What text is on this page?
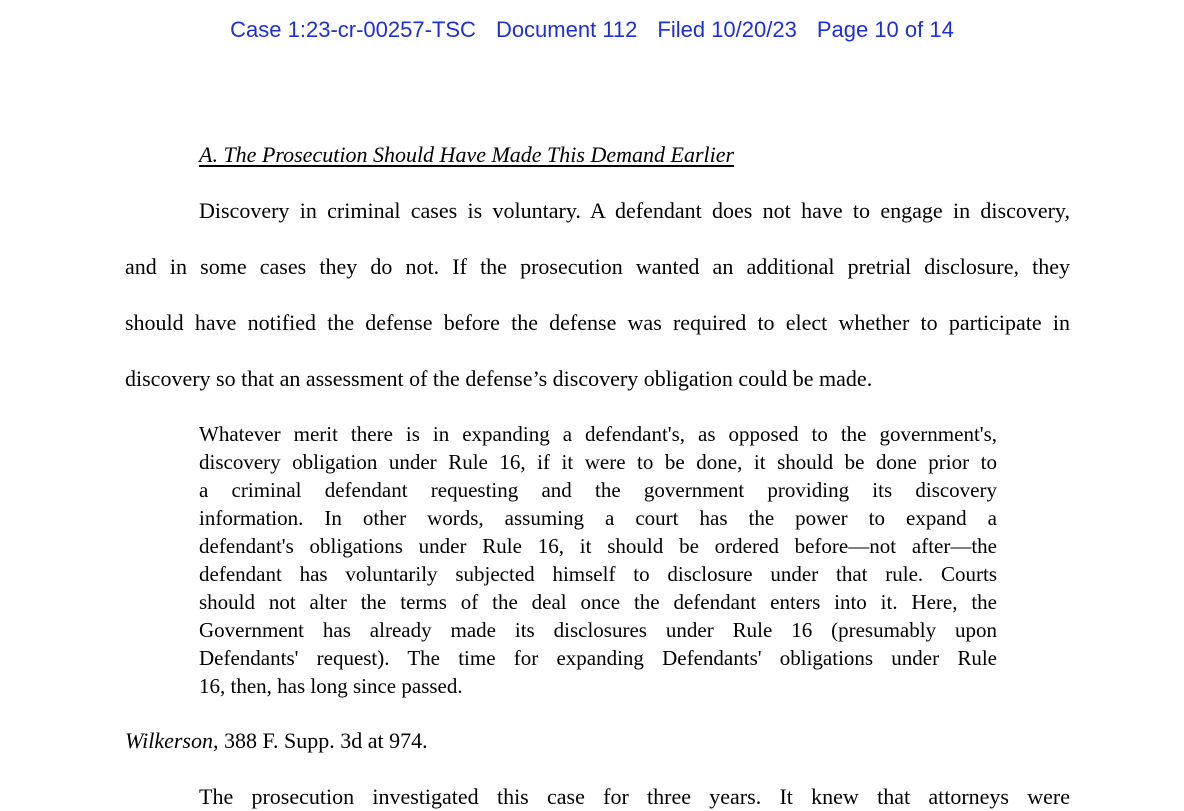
Case 1:23-cr-00257-TSC Document 112 Filed 10/20/23 Page 10 of 14
A. The Prosecution Should Have Made This Demand Earlier
Discovery in criminal cases is voluntary. A defendant does not have to engage in discovery,
and in some cases they do not. If the prosecution wanted an additional pretrial disclosure, they
should have notified the defense before the defense was required to elect whether to participate in
discovery so that an assessment of the defense’s discovery obligation could be made.
Whatever merit there is in expanding a defendant's, as opposed to the government's,
discovery obligation under Rule 16, if it were to be done, it should be done prior to
a criminal defendant requesting and the government providing its discovery
information. In other words, assuming a court has the power to expand a
defendant's obligations under Rule 16, it should be ordered before—not after—the
defendant has voluntarily subjected himself to disclosure under that rule. Courts
should not alter the terms of the deal once the defendant enters into it. Here, the
Government has already made its disclosures under Rule 16 (presumably upon
Defendants' request). The time for expanding Defendants' obligations under Rule
16, then, has long since passed.
Wilkerson, 388 F. Supp. 3d at 974.
The prosecution investigated this case for three years. It knew that attorneys were
